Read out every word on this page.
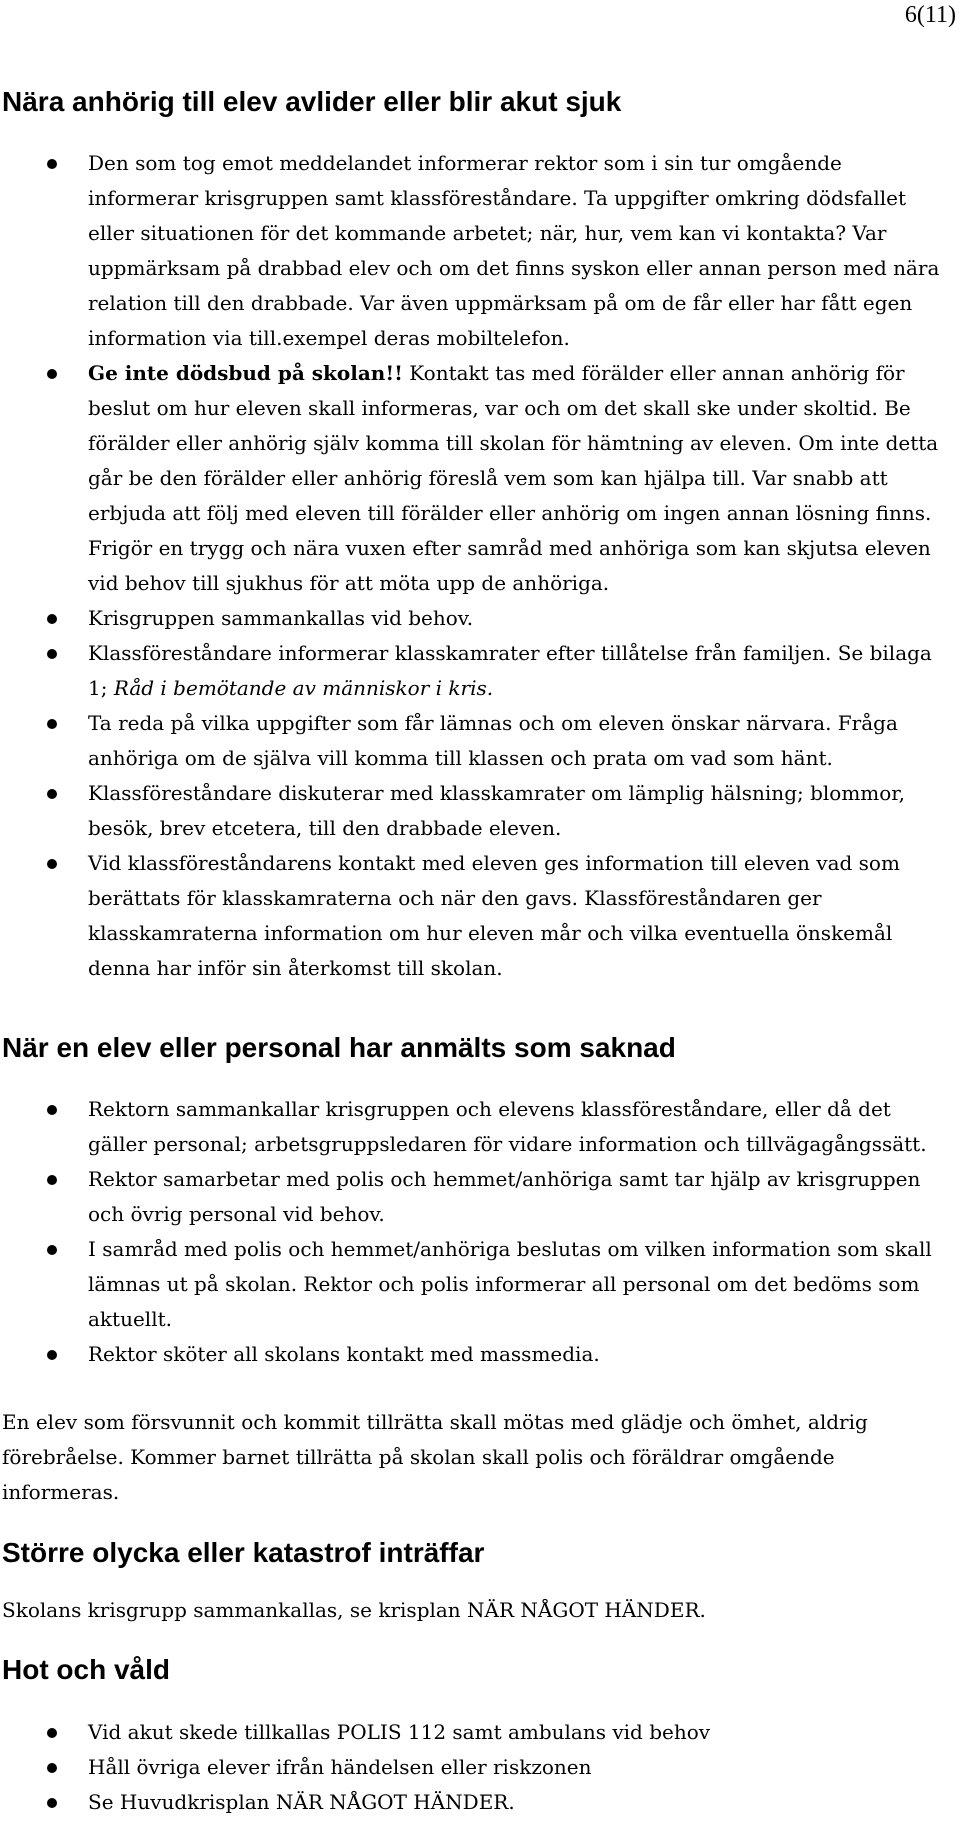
6(11)
Nära anhörig till elev avlider eller blir akut sjuk
Den som tog emot meddelandet informerar rektor som i sin tur omgående informerar krisgruppen samt klassföreståndare. Ta uppgifter omkring dödsfallet eller situationen för det kommande arbetet; när, hur, vem kan vi kontakta? Var uppmärksam på drabbad elev och om det finns syskon eller annan person med nära relation till den drabbade. Var även uppmärksam på om de får eller har fått egen information via till.exempel deras mobiltelefon.
Ge inte dödsbud på skolan!! Kontakt tas med förälder eller annan anhörig för beslut om hur eleven skall informeras, var och om det skall ske under skoltid. Be förälder eller anhörig själv komma till skolan för hämtning av eleven. Om inte detta går be den förälder eller anhörig föreslå vem som kan hjälpa till. Var snabb att erbjuda att följ med eleven till förälder eller anhörig om ingen annan lösning finns. Frigör en trygg och nära vuxen efter samråd med anhöriga som kan skjutsa eleven vid behov till sjukhus för att möta upp de anhöriga.
Krisgruppen sammankallas vid behov.
Klassföreståndare informerar klasskamrater efter tillåtelse från familjen. Se bilaga 1; Råd i bemötande av människor i kris.
Ta reda på vilka uppgifter som får lämnas och om eleven önskar närvara. Fråga anhöriga om de själva vill komma till klassen och prata om vad som hänt.
Klassföreståndare diskuterar med klasskamrater om lämplig hälsning; blommor, besök, brev etcetera, till den drabbade eleven.
Vid klassföreståndarens kontakt med eleven ges information till eleven vad som berättats för klasskamraterna och när den gavs. Klassföreståndaren ger klasskamraterna information om hur eleven mår och vilka eventuella önskemål denna har inför sin återkomst till skolan.
När en elev eller personal har anmälts som saknad
Rektorn sammankallar krisgruppen och elevens klassföreståndare, eller då det gäller personal; arbetsgruppsledaren för vidare information och tillvägagångssätt.
Rektor samarbetar med polis och hemmet/anhöriga samt tar hjälp av krisgruppen och övrig personal vid behov.
I samråd med polis och hemmet/anhöriga beslutas om vilken information som skall lämnas ut på skolan. Rektor och polis informerar all personal om det bedöms som aktuellt.
Rektor sköter all skolans kontakt med massmedia.
En elev som försvunnit och kommit tillrätta skall mötas med glädje och ömhet, aldrig förebråelse. Kommer barnet tillrätta på skolan skall polis och föräldrar omgående informeras.
Större olycka eller katastrof inträffar
Skolans krisgrupp sammankallas, se krisplan NÄR NÅGOT HÄNDER.
Hot och våld
Vid akut skede tillkallas POLIS 112 samt ambulans vid behov
Håll övriga elever ifrån händelsen eller riskzonen
Se Huvudkrisplan NÄR NÅGOT HÄNDER.
